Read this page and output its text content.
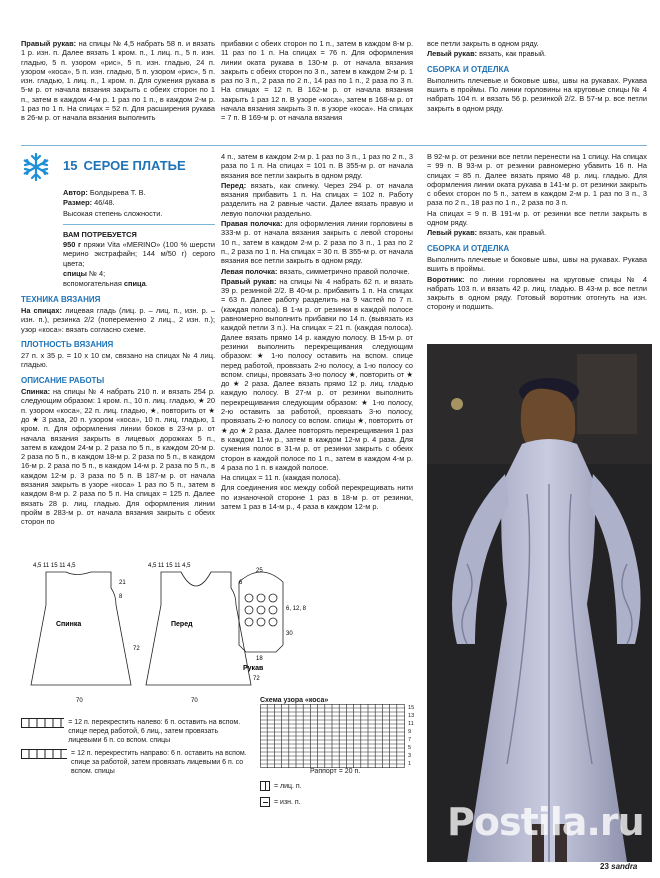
Правый рукав: на спицы № 4,5 набрать 58 п. и вязать 1 р. изн. п. Далее вязать 1 кром. п., 1 лиц. п., 5 п. изн. гладью, 5 п. узором «рис», 5 п. изн. гладью, 24 п. узором «коса», 5 п. изн. гладью, 5 п. узором «рис», 5 п. изн. гладью, 1 лиц. п., 1 кром. п. Для сужения рукава в 5-м р. от начала вязания закрыть с обеих сторон по 1 п., затем в каждом 4-м р. 1 раз по 1 п., в каждом 2-м р. 1 раз по 1 п. На спицах = 52 п. Для расширения рукава в 26-м р. от начала вязания выполнить

прибавки с обеих сторон по 1 п., затем в каждом 8-м р. 11 раз по 1 п. На спицах = 76 п. Для оформления линии оката рукава в 130-м р. от начала вязания закрыть с обеих сторон по 3 п., затем в каждом 2-м р. 1 раз по 3 п., 2 раза по 2 п., 14 раз по 1 п., 2 раза по 3 п. На спицах = 12 п. В 162-м р. от начала вязания закрыть 1 раз 12 п. В узоре «коса», затем в 168-м р. от начала вязания закрыть 3 п. в узоре «коса». На спицах = 7 п. В 169-м р. от начала вязания

все петли закрыть в одном ряду.

Левый рукав: вязать, как правый.

СБОРКА И ОТДЕЛКА

Выполнить плечевые и боковые швы, швы на рукавах. Рукава вшить в проймы. По линии горловины на круговые спицы № 4 набрать 104 п. и вязать 56 р. резинкой 2/2. В 57-м р. все петли закрыть в одном ряду.

15 СЕРОЕ ПЛАТЬЕ

Автор: Болдырева Т. В.

Размер: 46/48.

Высокая степень сложности.

ВАМ ПОТРЕБУЕТСЯ

950 г пряжи Vita «MERINO» (100 % шерсти мерино экстрафайн; 144 м/50 г) серого цвета;

спицы № 4;

вспомогательная спица.

ТЕХНИКА ВЯЗАНИЯ

На спицах: лицевая гладь (лиц. р. – лиц. п., изн. р. – изн. п.), резинка 2/2 (попеременно 2 лиц., 2 изн. п.); узор «коса»: вязать согласно схеме.

ПЛОТНОСТЬ ВЯЗАНИЯ

27 п. х 35 р. = 10 х 10 см, связано на спицах № 4 лиц. гладью.

ОПИСАНИЕ РАБОТЫ

Спинка: на спицы № 4 набрать 210 п. и вязать 254 р. следующим образом: 1 кром. п., 10 п. лиц. гладью, ★ 20 п. узором «коса», 22 п. лиц. гладью, ★, повторить от ★ до ★ 3 раза, 20 п. узором «коса», 10 п. лиц. гладью, 1 кром. п. Для оформления линии боков в 23-м р. от начала вязания закрыть в лицевых дорожках 5 п., затем в каждом 24-м р. 2 раза по 5 п., в каждом 20-м р. 2 раза по 5 п., в каждом 18-м р. 2 раза по 5 п., в каждом 16-м р. 2 раза по 5 п., в каждом 14-м р. 2 раза по 5 п., в каждом 12-м р. 3 раза по 5 п. В 187-м р. от начала вязания закрыть в узоре «коса» 1 раз по 5 п., затем в каждом 8-м р. 2 раза по 5 п. На спицах = 125 п. Далее вязать 28 р. лиц. гладью. Для оформления линии пройм в 283-м р. от начала вязания закрыть с обеих сторон по

4 п., затем в каждом 2-м р. 1 раз по 3 п., 1 раз по 2 п., 3 раза по 1 п. На спицах = 101 п. В 355-м р. от начала вязания все петли закрыть в одном ряду.

Перед: вязать, как спинку. Через 294 р. от начала вязания прибавить 1 п. На спицах = 102 п. Работу разделить на 2 равные части. Далее вязать правую и левую полочки раздельно.

Правая полочка: для оформления линии горловины в 333-м р. от начала вязания закрыть с левой стороны 10 п., затем в каждом 2-м р. 2 раза по 3 п., 1 раз по 2 п., 2 раза по 1 п. На спицах = 30 п. В 355-м р. от начала вязания все петли закрыть в одном ряду.

Левая полочка: вязать, симметрично правой полочке.

Правый рукав: на спицы № 4 набрать 62 п. и вязать 39 р. резинкой 2/2. В 40-м р. прибавить 1 п. На спицах = 63 п. Далее работу разделить на 9 частей по 7 п. (каждая полоса). В 1-м р. от резинки в каждой полосе равномерно выполнить прибавки по 14 п. (вывязать из каждой петли 3 п.). На спицах = 21 п. (каждая полоса). Далее вязать прямо 14 р. каждую полосу. В 15-м р. от резинки выполнить перекрещивания следующим образом: ★ 1-ю полосу оставить на вспом. спице перед работой, провязать 2-ю полосу, а 1-ю полосу со вспом. спицы, провязать 3-ю полосу ★, повторить от ★ до ★ 2 раза. Далее вязать прямо 12 р. лиц. гладью каждую полосу. В 27-м р. от резинки выполнить перекрещивания следующим образом: ★ 1-ю полосу, 2-ю оставить за работой, провязать 3-ю полосу, провязать 2-ю полосу со вспом. спицы ★, повторить от ★ до ★ 2 раза. Далее повторять перекрещивания 1 раз в каждом 11-м р., затем в каждом 12-м р. 4 раза. Для сужения полос в 31-м р. от резинки закрыть с обеих сторон в каждой полосе по 1 п., затем в каждом 4-м р. 4 раза по 1 п. в каждой полосе.

На спицах = 11 п. (каждая полоса).

Для соединения кос между собой перекрещивать нити по изнаночной стороне 1 раз в 18-м р. от резинки, затем 1 раз в 14-м р., 4 раза в каждом 12-м р.

В 92-м р. от резинки все петли перенести на 1 спицу. На спицах = 99 п. В 93-м р. от резинки равномерно убавить 16 п. На спицах = 85 п. Далее вязать прямо 48 р. лиц. гладью. Для оформления линии оката рукава в 141-м р. от резинки закрыть с обеих сторон по 5 п., затем в каждом 2-м р. 1 раз по 3 п., 3 раза по 2 п., 18 раз по 1 п., 2 раза по 3 п.

На спицах = 9 п. В 191-м р. от резинки все петли закрыть в одном ряду.

Левый рукав: вязать, как правый.

СБОРКА И ОТДЕЛКА

Выполнить плечевые и боковые швы, швы на рукавах. Рукава вшить в проймы.

Воротник: по линии горловины на круговые спицы № 4 набрать 103 п. и вязать 42 р. лиц. гладью. В 43-м р. все петли закрыть в одном ряду. Готовый воротник отогнуть на изн. сторону и подшить.

Postila.ru
4,5 11 15 11 4,5	4,5 11 15 11 4,5
Спинка	Перед
Рукав
70	70
21
8
72
6
72
25
6, 12, 8
18
30
= 12 п. перекрестить налево: 6 п. оставить на вспом. спице перед работой, 6 лиц., затем провязать лицевыми 6 п. со вспом. спицы
= 12 п. перекрестить направо: 6 п. оставить на вспом. спице за работой, затем провязать лицевыми 6 п. со вспом. спицы
Схема узора «коса»
15
13
11
9
7
5
3
1
Раппорт = 20 п.
= лиц. п.
= изн. п.
23 sandra
